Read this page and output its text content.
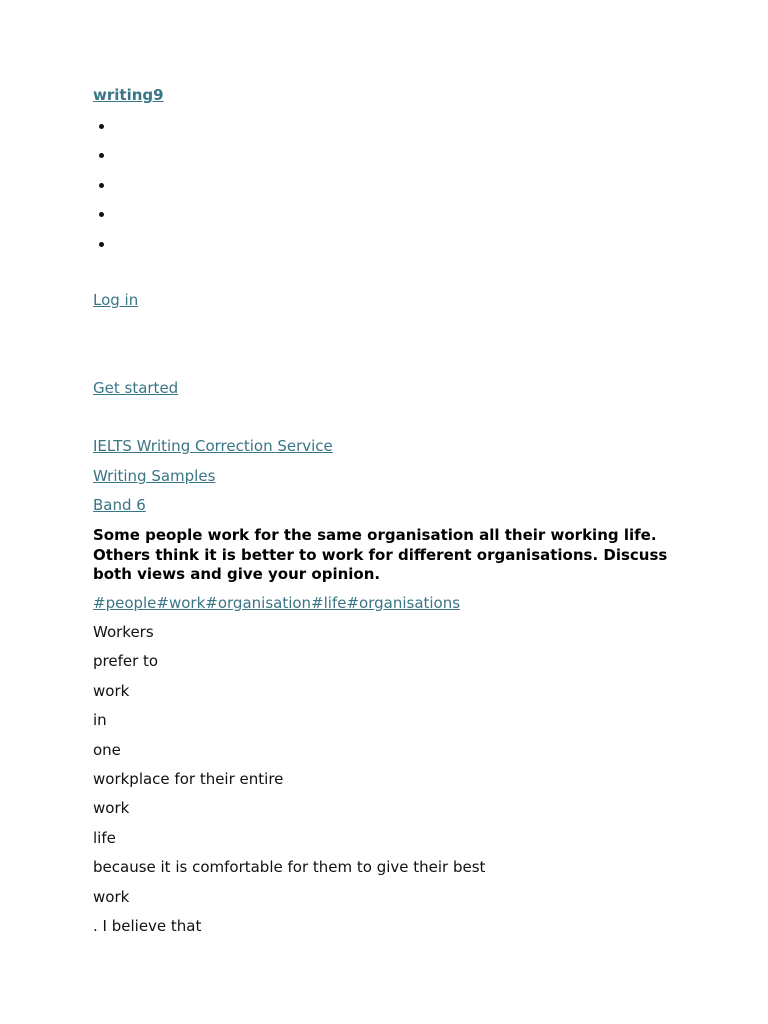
writing9
Log in
Get started
IELTS Writing Correction Service
Writing Samples
Band 6
Some people work for the same organisation all their working life. Others think it is better to work for different organisations. Discuss both views and give your opinion.
#people#work#organisation#life#organisations
Workers
prefer to
work
in
one
workplace for their entire
work
life
because it is comfortable for them to give their best
work
. I believe that
